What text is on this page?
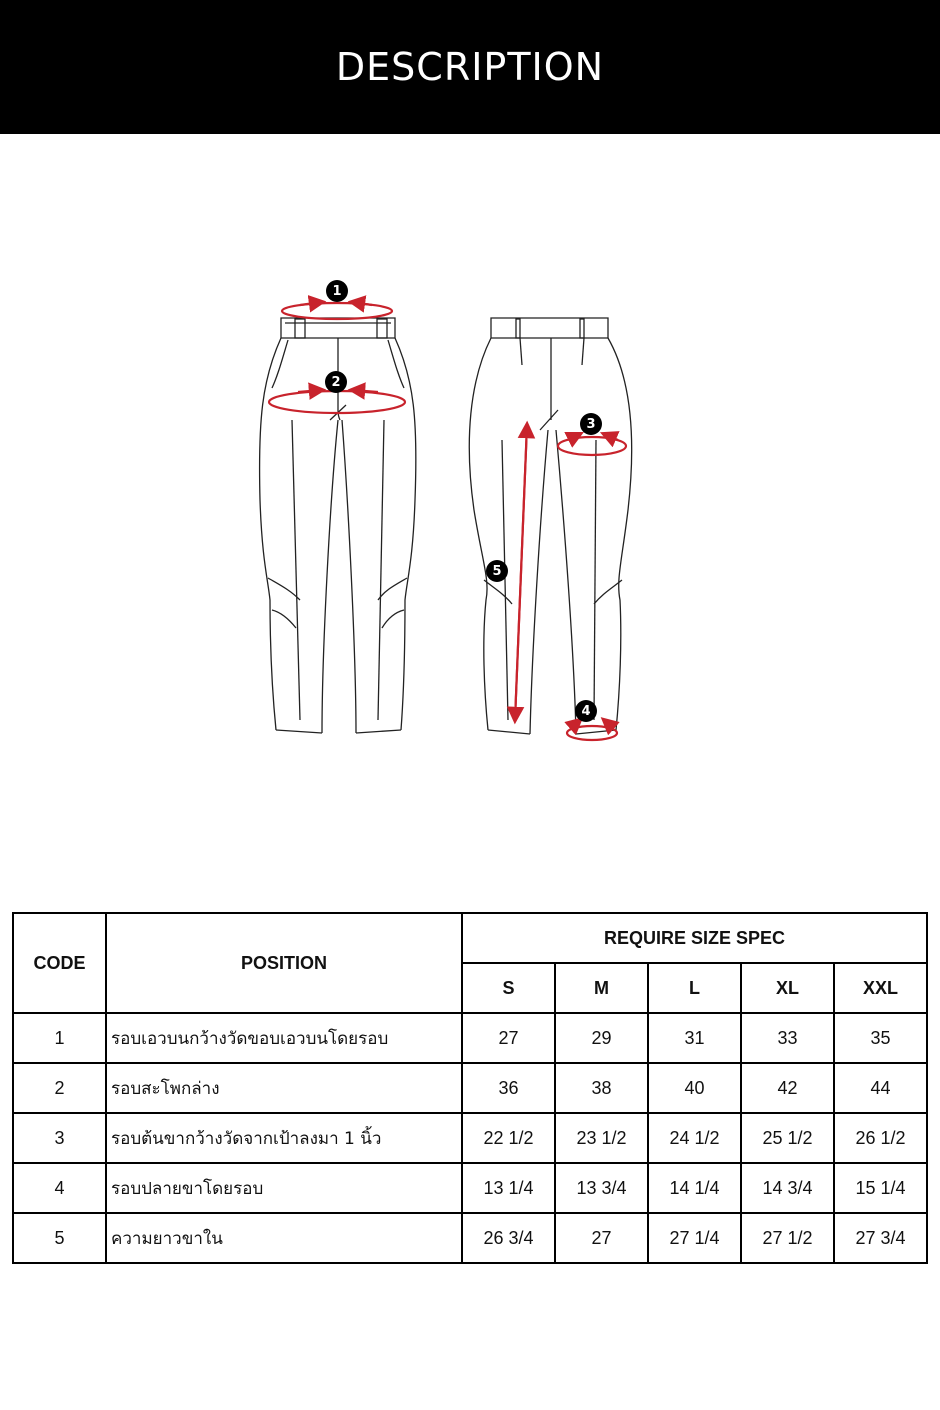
DESCRIPTION
1
2
3
4
5
CODE	POSITION	REQUIRE SIZE SPEC				
		S	M	L	XL	XXL
1	รอบเอวบนกว้างวัดขอบเอวบนโดยรอบ	27	29	31	33	35
2	รอบสะโพกล่าง	36	38	40	42	44
3	รอบต้นขากว้างวัดจากเป้าลงมา 1 นิ้ว	22 1/2	23 1/2	24 1/2	25 1/2	26 1/2
4	รอบปลายขาโดยรอบ	13 1/4	13 3/4	14 1/4	14 3/4	15 1/4
5	ความยาวขาใน	26 3/4	27	27 1/4	27 1/2	27 3/4
